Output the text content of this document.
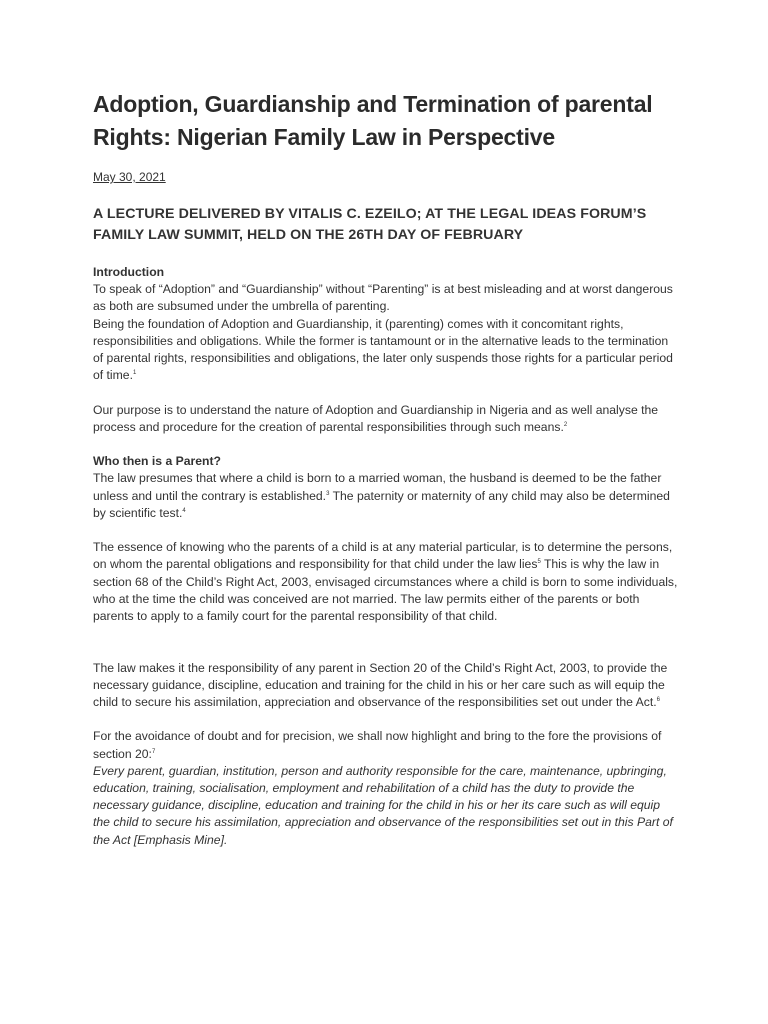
Adoption, Guardianship and Termination of parental Rights: Nigerian Family Law in Perspective
May 30, 2021
A LECTURE DELIVERED BY VITALIS C. EZEILO; AT THE LEGAL IDEAS FORUM’S FAMILY LAW SUMMIT, HELD ON THE 26TH DAY OF FEBRUARY

Introduction

To speak of “Adoption” and “Guardianship” without “Parenting” is at best misleading and at worst dangerous as both are subsumed under the umbrella of parenting.

Being the foundation of Adoption and Guardianship, it (parenting) comes with it concomitant rights, responsibilities and obligations. While the former is tantamount or in the alternative leads to the termination of parental rights, responsibilities and obligations, the later only suspends those rights for a particular period of time.$^1$

Our purpose is to understand the nature of Adoption and Guardianship in Nigeria and as well analyse the process and procedure for the creation of parental responsibilities through such means.$^2$

Who then is a Parent?

The law presumes that where a child is born to a married woman, the husband is deemed to be the father unless and until the contrary is established.$^3$ The paternity or maternity of any child may also be determined by scientific test.$^4$

The essence of knowing who the parents of a child is at any material particular, is to determine the persons, on whom the parental obligations and responsibility for that child under the law lies$^5$ This is why the law in section 68 of the Child’s Right Act, 2003, envisaged circumstances where a child is born to some individuals, who at the time the child was conceived are not married. The law permits either of the parents or both parents to apply to a family court for the parental responsibility of that child.

The law makes it the responsibility of any parent in Section 20 of the Child’s Right Act, 2003, to provide the necessary guidance, discipline, education and training for the child in his or her care such as will equip the child to secure his assimilation, appreciation and observance of the responsibilities set out under the Act.$^6$

For the avoidance of doubt and for precision, we shall now highlight and bring to the fore the provisions of section 20:$^7$

Every parent, guardian, institution, person and authority responsible for the care, maintenance, upbringing, education, training, socialisation, employment and rehabilitation of a child has the duty to provide the necessary guidance, discipline, education and training for the child in his or her its care such as will equip the child to secure his assimilation, appreciation and observance of the responsibilities set out in this Part of the Act [Emphasis Mine].
